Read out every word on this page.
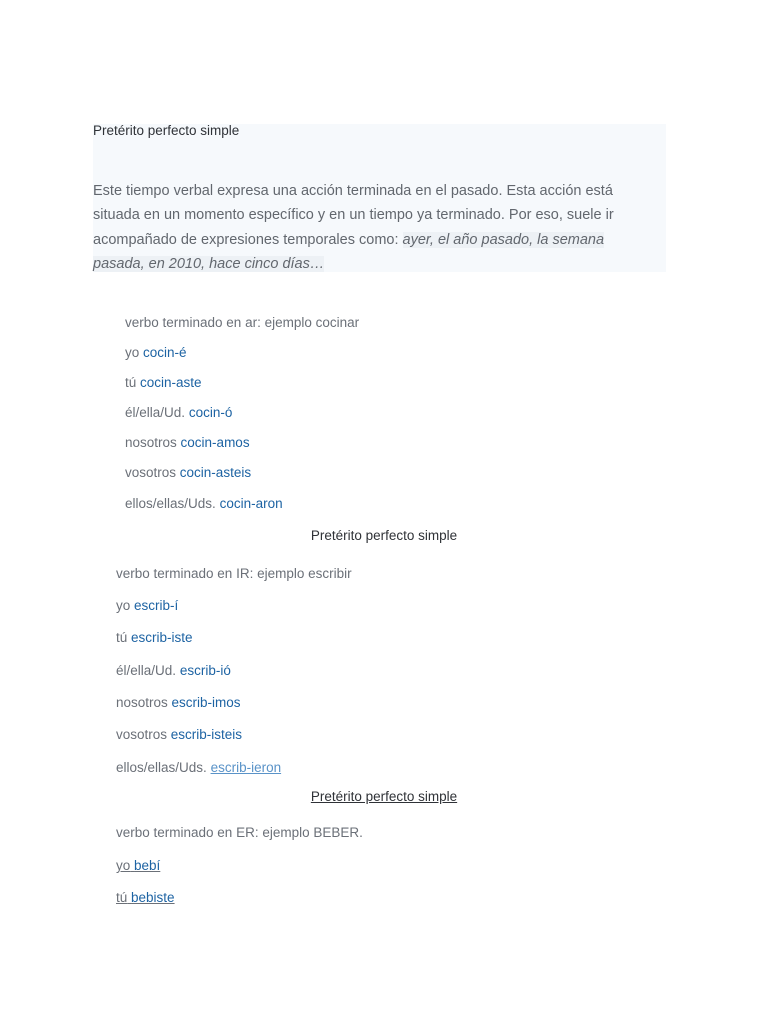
Pretérito perfecto simple
Este tiempo verbal expresa una acción terminada en el pasado. Esta acción está situada en un momento específico y en un tiempo ya terminado. Por eso, suele ir acompañado de expresiones temporales como: ayer, el año pasado, la semana pasada, en 2010, hace cinco días…
verbo terminado en ar: ejemplo cocinar
yo cocin-é
tú cocin-aste
él/ella/Ud. cocin-ó
nosotros cocin-amos
vosotros cocin-asteis
ellos/ellas/Uds. cocin-aron
Pretérito perfecto simple
verbo terminado en IR: ejemplo escribir
yo escrib-í
tú escrib-iste
él/ella/Ud. escrib-ió
nosotros escrib-imos
vosotros escrib-isteis
ellos/ellas/Uds. escrib-ieron
Pretérito perfecto simple
verbo terminado en ER: ejemplo BEBER.
yo bebí
tú bebiste
